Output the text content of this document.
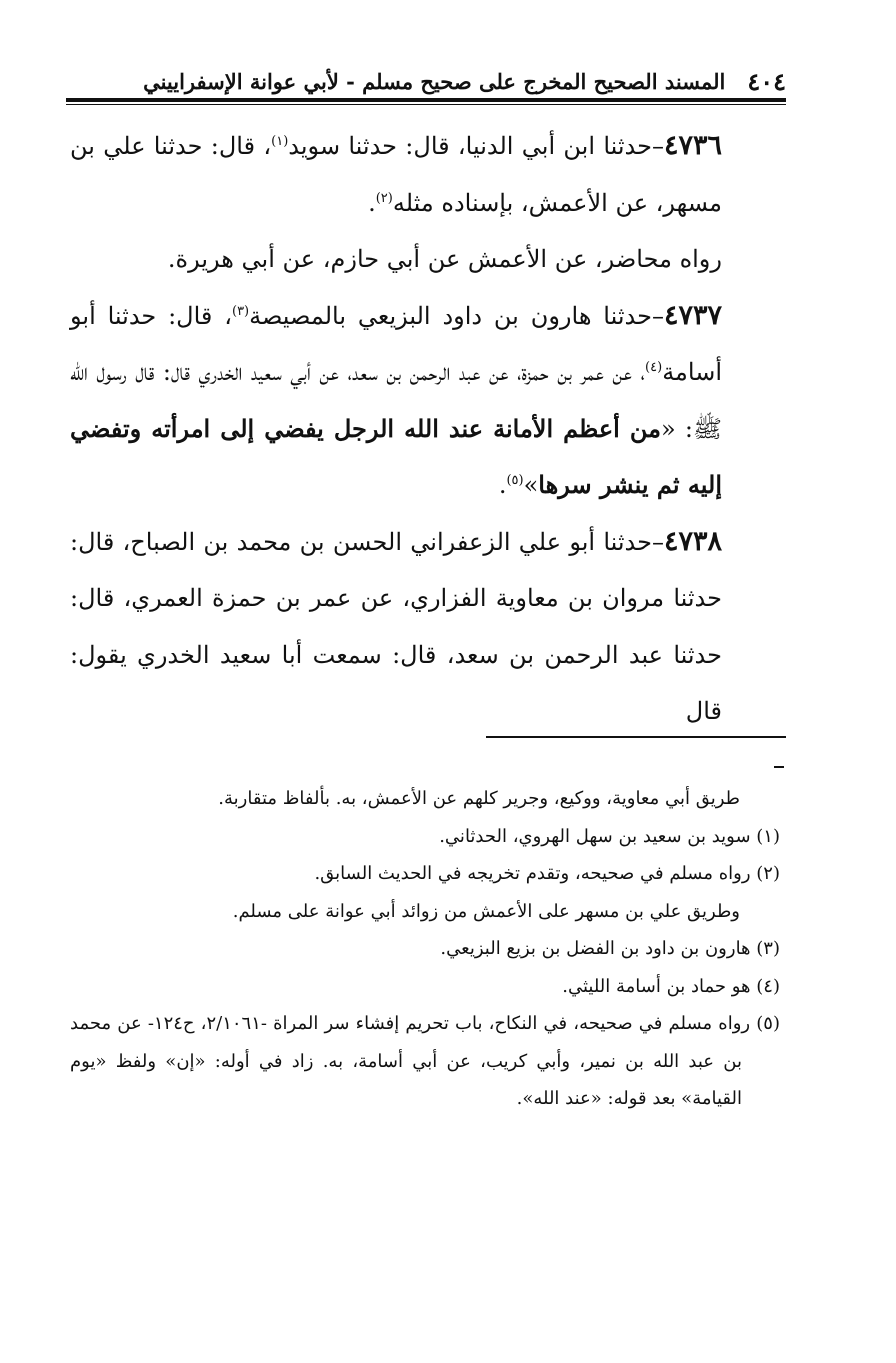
٤٠٤
المسند الصحيح المخرج على صحيح مسلم - لأبي عوانة الإسفراييني

٤٧٣٦–حدثنا ابن أبي الدنيا، قال: حدثنا سويد$^{(١)}$، قال: حدثنا علي بن مسهر، عن الأعمش، بإسناده مثله$^{(٢)}$.

رواه محاضر، عن الأعمش عن أبي حازم، عن أبي هريرة.

٤٧٣٧–حدثنا هارون بن داود البزيعي بالمصيصة$^{(٣)}$، قال: حدثنا أبو أسامة$^{(٤)}$، عن عمر بن حمزة، عن عبد الرحمن بن سعد، عن أبي سعيد الخدري قال: قال رسول الله ﷺ: «من أعظم الأمانة عند الله الرجل يفضي إلى امرأته وتفضي إليه ثم ينشر سرها»$^{(٥)}$.

٤٧٣٨–حدثنا أبو علي الزعفراني الحسن بن محمد بن الصباح، قال: حدثنا مروان بن معاوية الفزاري، عن عمر بن حمزة العمري، قال: حدثنا عبد الرحمن بن سعد، قال: سمعت أبا سعيد الخدري يقول: قال

طريق أبي معاوية، ووكيع، وجرير كلهم عن الأعمش، به. بألفاظ متقاربة.

(١) سويد بن سعيد بن سهل الهروي، الحدثاني.

(٢) رواه مسلم في صحيحه، وتقدم تخريجه في الحديث السابق.

وطريق علي بن مسهر على الأعمش من زوائد أبي عوانة على مسلم.

(٣) هارون بن داود بن الفضل بن بزيع البزيعي.

(٤) هو حماد بن أسامة الليثي.

(٥) رواه مسلم في صحيحه، في النكاح، باب تحريم إفشاء سر المراة -٢/١٠٦١، ح١٢٤- عن محمد بن عبد الله بن نمير، وأبي كريب، عن أبي أسامة، به. زاد في أوله: «إن» ولفظ «يوم القيامة» بعد قوله: «عند الله».
